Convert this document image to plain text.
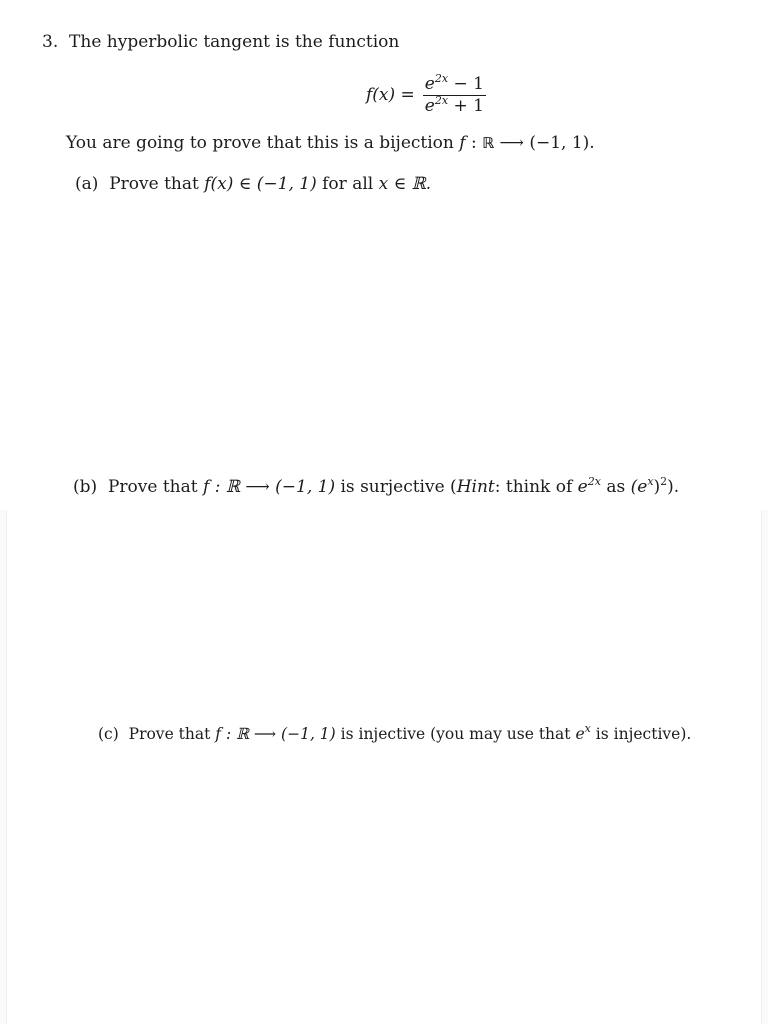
3. The hyperbolic tangent is the function
$f(x) = \frac{e^{2x} - 1}{e^{2x} + 1}$
You are going to prove that this is a bijection f : ℝ ⟶ (−1, 1).
(a) Prove that f(x) ∈ (−1, 1) for all x ∈ ℝ.
(b) Prove that f : ℝ ⟶ (−1, 1) is surjective (Hint: think of $e^{2x}$ as $(e^x)^2$).
(c) Prove that f : ℝ ⟶ (−1, 1) is injective (you may use that $e^x$ is injective).
